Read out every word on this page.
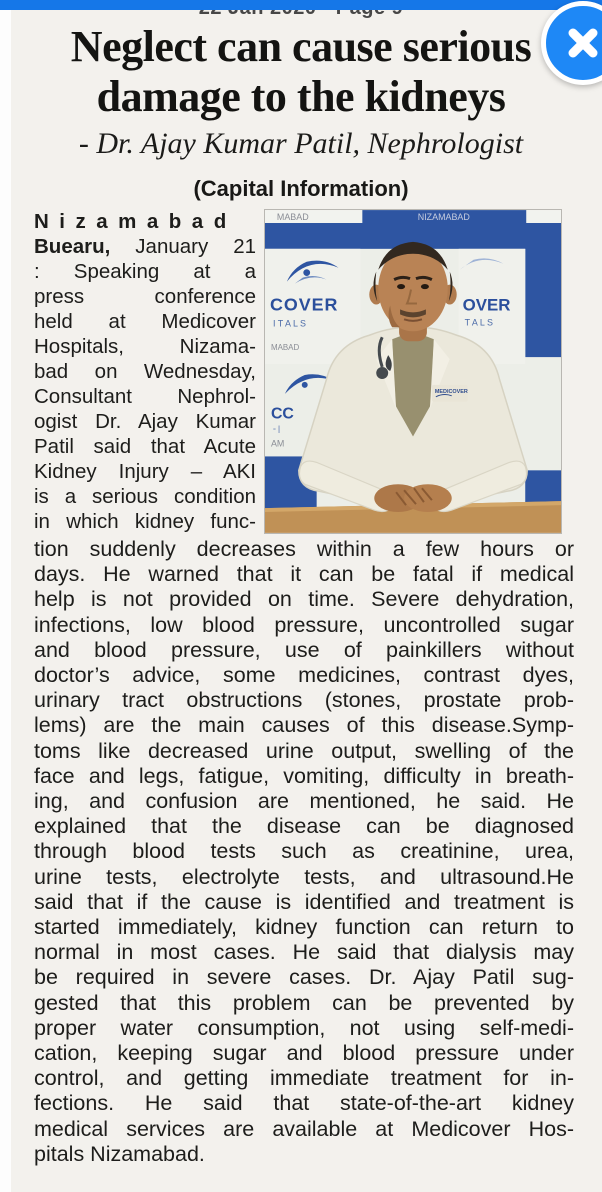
Neglect can cause serious
damage to the kidneys
- Dr. Ajay Kumar Patil, Nephrologist
(Capital Information)
Nizamabad
Buearu, January 21
: Speaking at a
press conference
held at Medicover
Hospitals, Nizama-
bad on Wednesday,
Consultant Nephrol-
ogist Dr. Ajay Kumar
Patil said that Acute
Kidney Injury – AKI
is a serious condition
in which kidney func-
MABAD	NIZAMABAD
COVER
I T A L S
MABAD
OVER
T A L S
CC
◦ |
AM
MEDICOVER
tion suddenly decreases within a few hours or
days. He warned that it can be fatal if medical
help is not provided on time. Severe dehydration,
infections, low blood pressure, uncontrolled sugar
and blood pressure, use of painkillers without
doctor’s advice, some medicines, contrast dyes,
urinary tract obstructions (stones, prostate prob-
lems) are the main causes of this disease.Symp-
toms like decreased urine output, swelling of the
face and legs, fatigue, vomiting, difficulty in breath-
ing, and confusion are mentioned, he said. He
explained that the disease can be diagnosed
through blood tests such as creatinine, urea,
urine tests, electrolyte tests, and ultrasound.He
said that if the cause is identified and treatment is
started immediately, kidney function can return to
normal in most cases. He said that dialysis may
be required in severe cases. Dr. Ajay Patil sug-
gested that this problem can be prevented by
proper water consumption, not using self-medi-
cation, keeping sugar and blood pressure under
control, and getting immediate treatment for in-
fections. He said that state-of-the-art kidney
medical services are available at Medicover Hos-
pitals Nizamabad.
